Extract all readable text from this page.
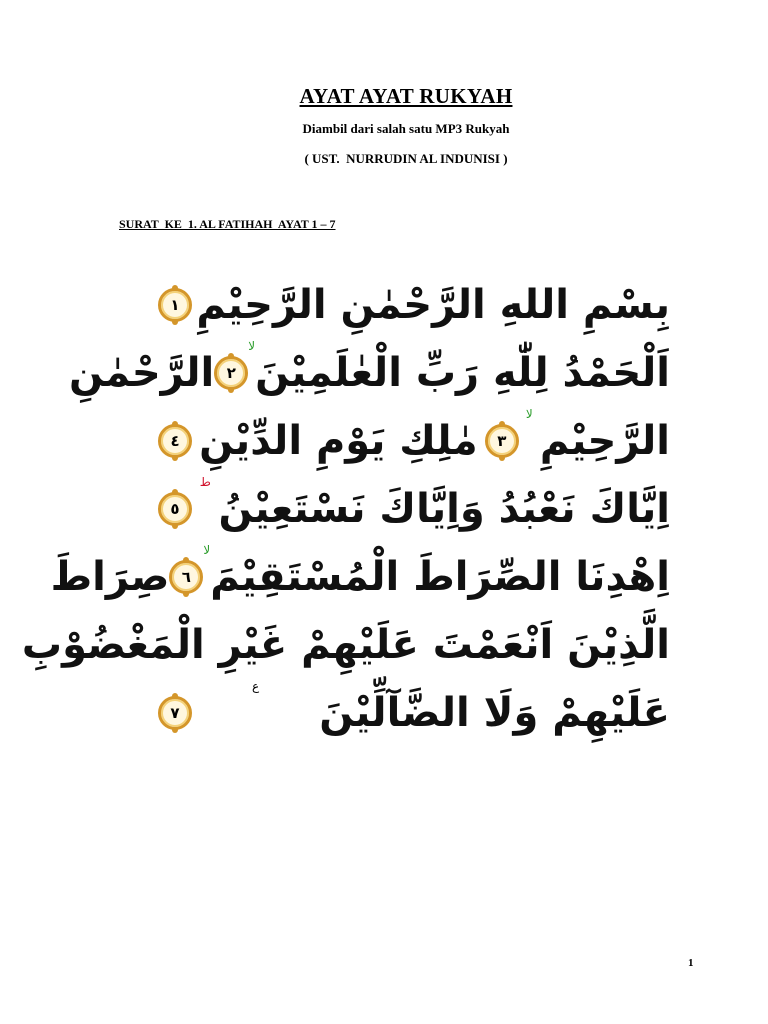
AYAT AYAT RUKYAH
Diambil dari salah satu MP3 Rukyah
( UST.  NURRUDIN AL INDUNISI )
SURAT  KE  1. AL FATIHAH  AYAT 1 – 7
بِسْمِ اللهِ الرَّحْمٰنِ الرَّحِيْمِ
١
اَلْحَمْدُ لِلّٰهِ رَبِّ الْعٰلَمِيْنَ
لا
٢
الرَّحْمٰنِ
الرَّحِيْمِ
لا
٣
مٰلِكِ يَوْمِ الدِّيْنِ
٤
اِيَّاكَ نَعْبُدُ وَاِيَّاكَ نَسْتَعِيْنُ
ط
٥
اِهْدِنَا الصِّرَاطَ الْمُسْتَقِيْمَ
لا
٦
صِرَاطَ
الَّذِيْنَ اَنْعَمْتَ عَلَيْهِمْ غَيْرِ الْمَغْضُوْبِ
عَلَيْهِمْ وَلَا الضَّآلِّيْنَ
ع
٧
1
